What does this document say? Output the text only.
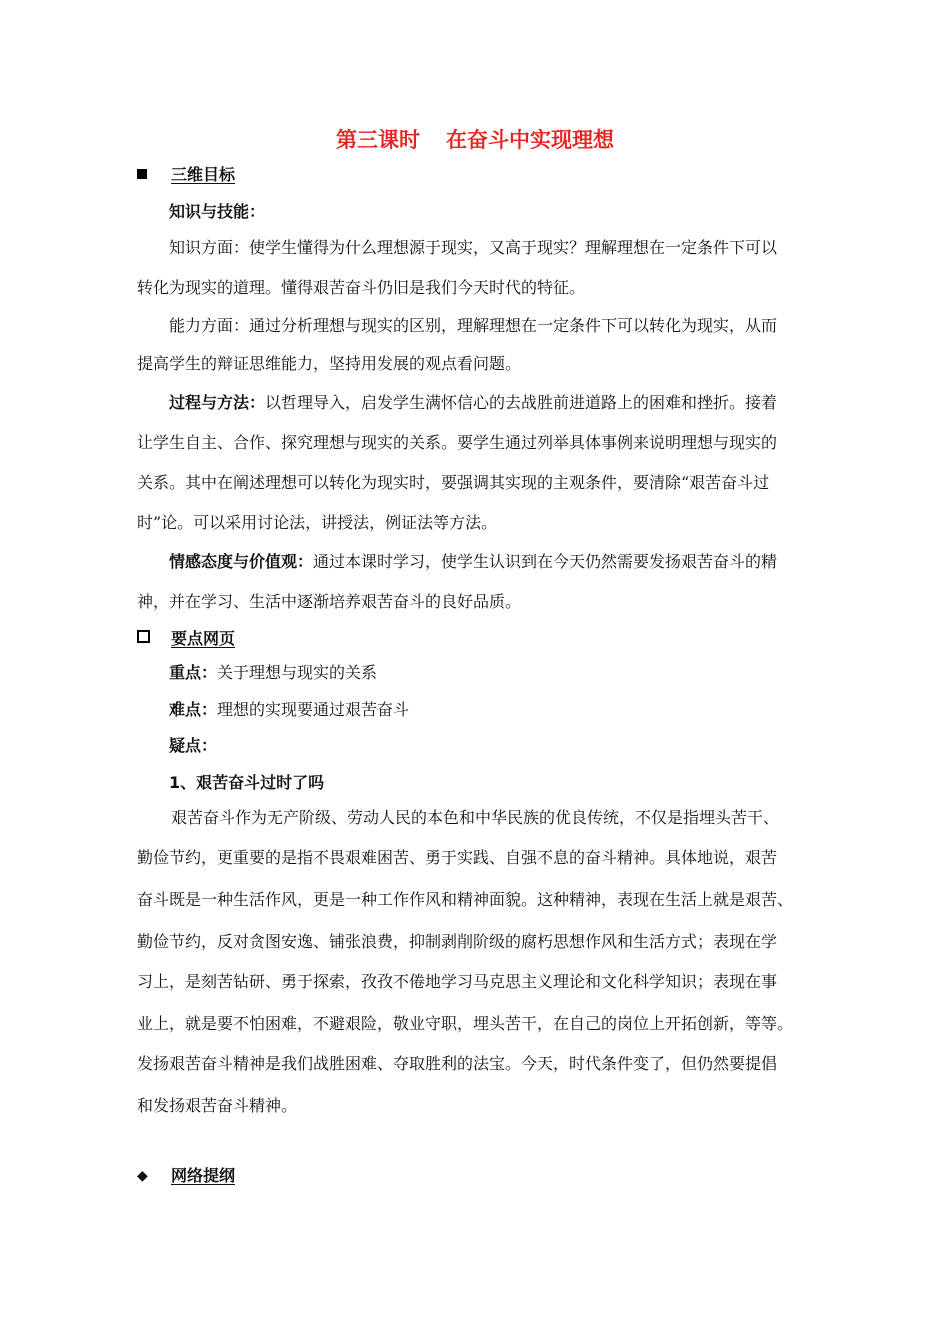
第三课时 在奋斗中实现理想
三维目标
知识与技能：
知识方面：使学生懂得为什么理想源于现实，又高于现实？理解理想在一定条件下可以
转化为现实的道理。懂得艰苦奋斗仍旧是我们今天时代的特征。
能力方面：通过分析理想与现实的区别，理解理想在一定条件下可以转化为现实，从而
提高学生的辩证思维能力，坚持用发展的观点看问题。
过程与方法：以哲理导入，启发学生满怀信心的去战胜前进道路上的困难和挫折。接着
让学生自主、合作、探究理想与现实的关系。要学生通过列举具体事例来说明理想与现实的
关系。其中在阐述理想可以转化为现实时，要强调其实现的主观条件，要清除“艰苦奋斗过
时”论。可以采用讨论法，讲授法，例证法等方法。
情感态度与价值观：通过本课时学习，使学生认识到在今天仍然需要发扬艰苦奋斗的精
神，并在学习、生活中逐渐培养艰苦奋斗的良好品质。
要点网页
重点：关于理想与现实的关系
难点：理想的实现要通过艰苦奋斗
疑点：
1、艰苦奋斗过时了吗
艰苦奋斗作为无产阶级、劳动人民的本色和中华民族的优良传统，不仅是指埋头苦干、
勤俭节约，更重要的是指不畏艰难困苦、勇于实践、自强不息的奋斗精神。具体地说，艰苦
奋斗既是一种生活作风，更是一种工作作风和精神面貌。这种精神，表现在生活上就是艰苦、
勤俭节约，反对贪图安逸、铺张浪费，抑制剥削阶级的腐朽思想作风和生活方式；表现在学
习上，是刻苦钻研、勇于探索，孜孜不倦地学习马克思主义理论和文化科学知识；表现在事
业上，就是要不怕困难，不避艰险，敬业守职，埋头苦干，在自己的岗位上开拓创新，等等。
发扬艰苦奋斗精神是我们战胜困难、夺取胜利的法宝。今天，时代条件变了，但仍然要提倡
和发扬艰苦奋斗精神。
◆	网络提纲
